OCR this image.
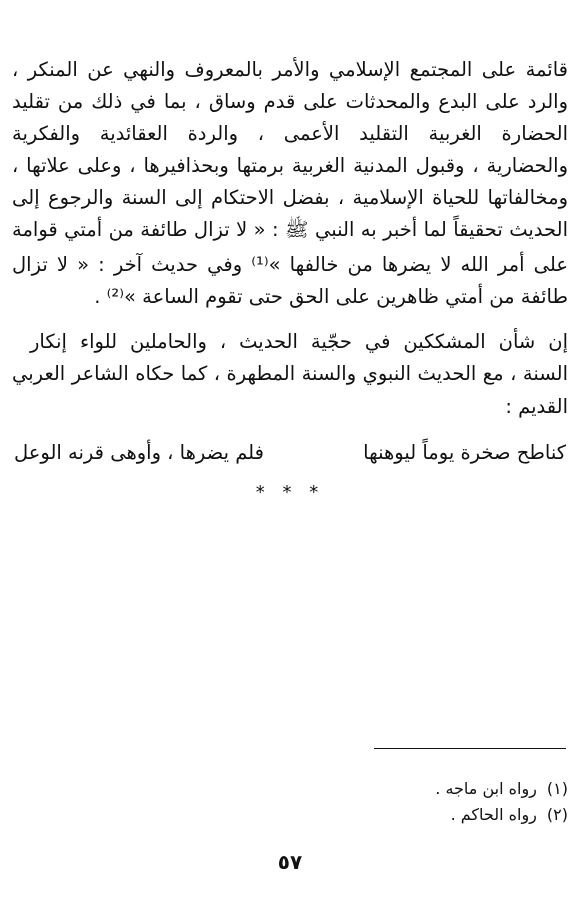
قائمة على المجتمع الإسلامي والأمر بالمعروف والنهي عن المنكر ،
والرد على البدع والمحدثات على قدم وساق ، بما في ذلك من تقليد
الحضارة الغربية التقليد الأعمى ، والردة العقائدية والفكرية
والحضارية ، وقبول المدنية الغربية برمتها وبحذافيرها ، وعلى علاتها ،
ومخالفاتها للحياة الإسلامية ، بفضل الاحتكام إلى السنة والرجوع إلى
الحديث تحقيقاً لما أخبر به النبي ﷺ : « لا تزال طائفة من أمتي قوامة
على أمر الله لا يضرها من خالفها »⁽¹⁾ وفي حديث آخر : « لا تزال
طائفة من أمتي ظاهرين على الحق حتى تقوم الساعة »⁽²⁾ .
إن شأن المشككين في حجّية الحديث ، والحاملين للواء إنكار
السنة ، مع الحديث النبوي والسنة المطهرة ، كما حكاه الشاعر العربي
القديم :
كناطح صخرة يوماً ليوهنها
فلم يضرها ، وأوهى قرنه الوعل
* * *
(١)رواه ابن ماجه .
(٢)رواه الحاكم .
٥٧
